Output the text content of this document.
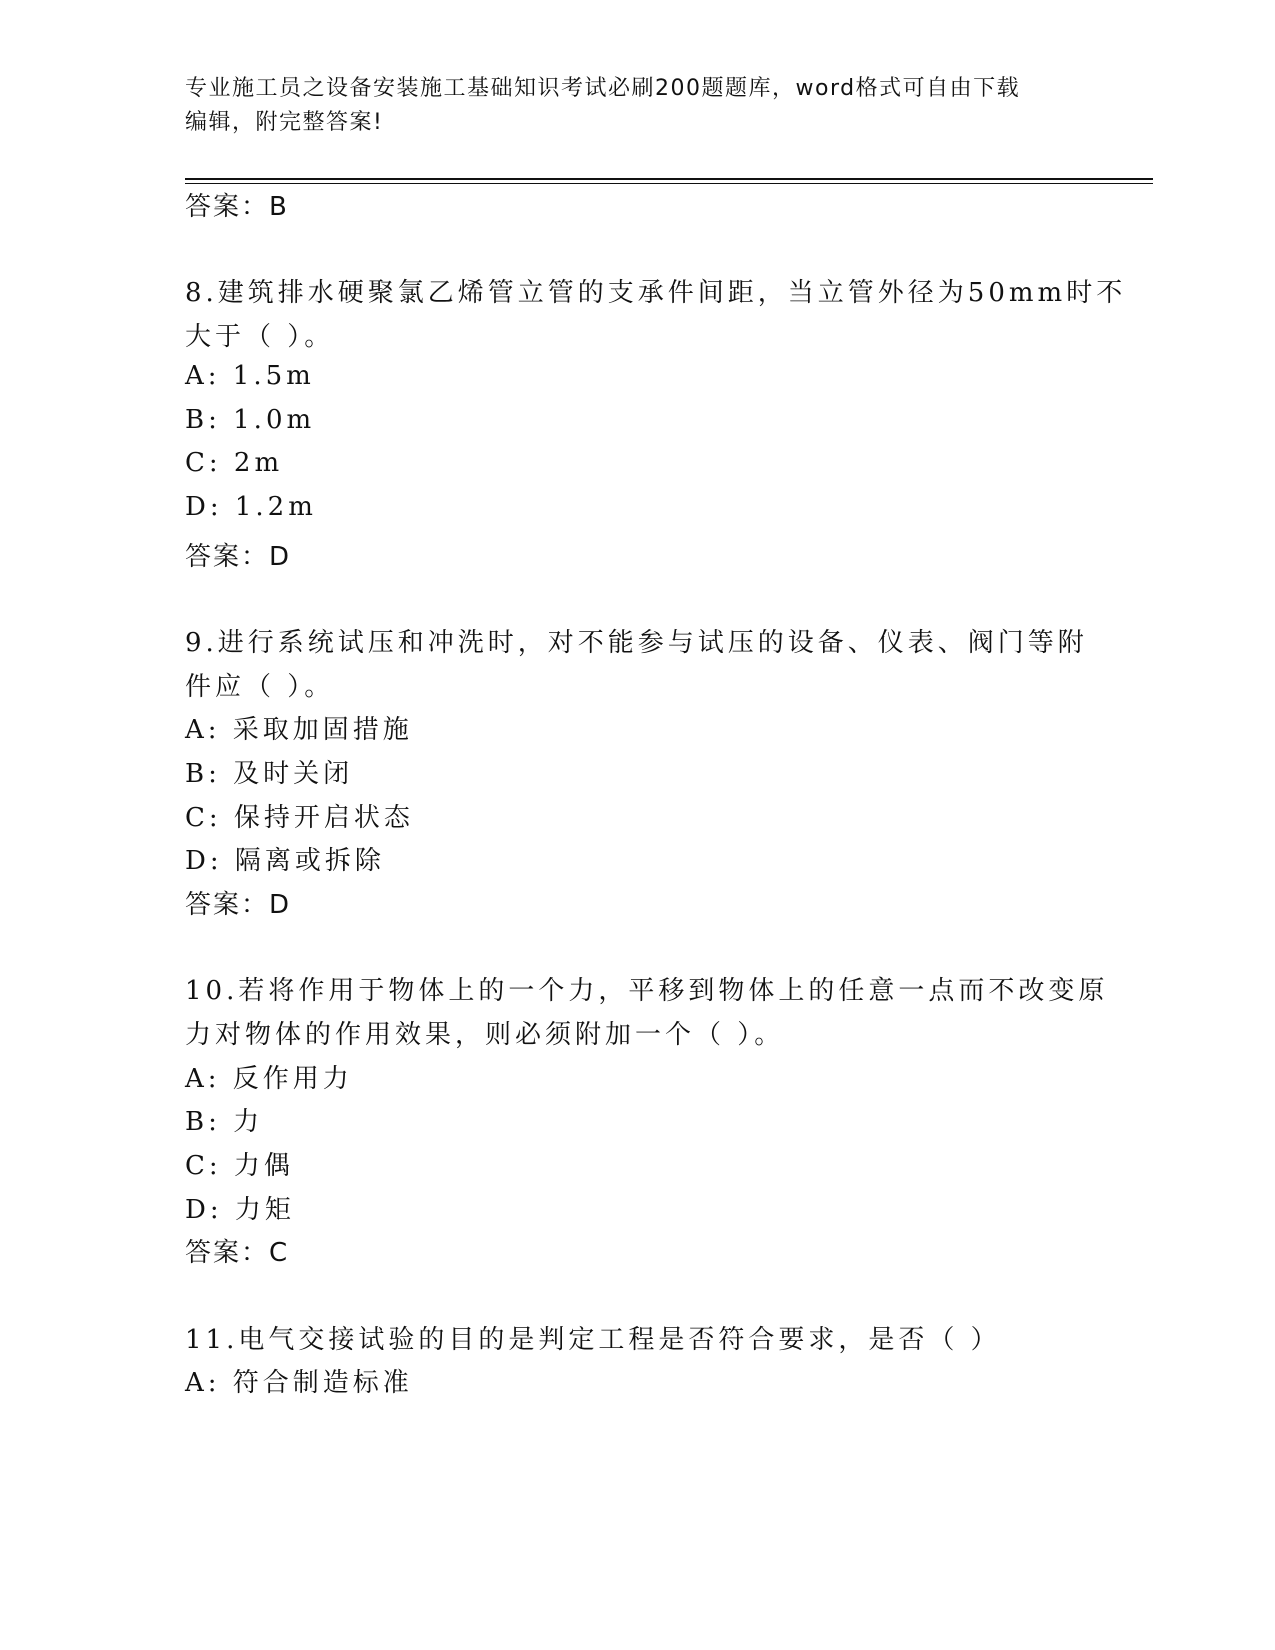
专业施工员之设备安装施工基础知识考试必刷200题题库，word格式可自由下载
编辑，附完整答案!
答案：B
8.建筑排水硬聚氯乙烯管立管的支承件间距，当立管外径为50mm时不
大于（ ）。
A: 1.5m
B: 1.0m
C: 2m
D: 1.2m
答案：D
9.进行系统试压和冲洗时，对不能参与试压的设备、仪表、阀门等附
件应（ ）。
A: 采取加固措施
B: 及时关闭
C: 保持开启状态
D: 隔离或拆除
答案：D
10.若将作用于物体上的一个力，平移到物体上的任意一点而不改变原
力对物体的作用效果，则必须附加一个（ ）。
A: 反作用力
B: 力
C: 力偶
D: 力矩
答案：C
11.电气交接试验的目的是判定工程是否符合要求，是否（ ）
A: 符合制造标准
